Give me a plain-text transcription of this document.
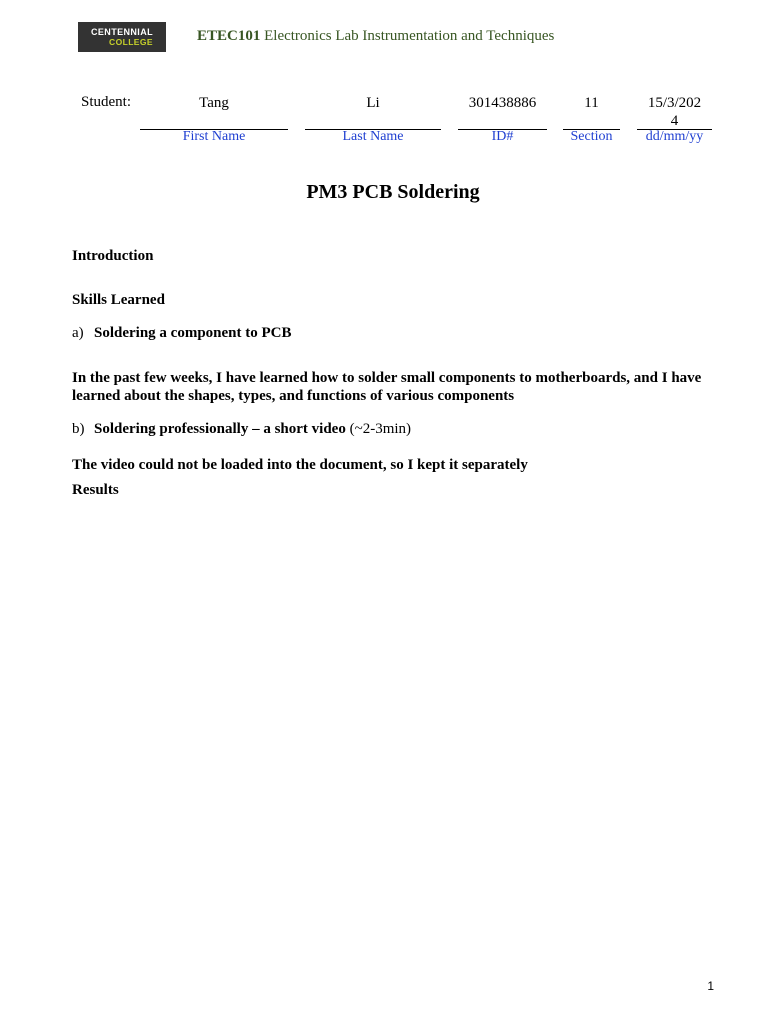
CENTENNIAL
COLLEGE	ETEC101 Electronics Lab Instrumentation and Techniques
Student:	Tang
First Name
Li
Last Name
301438886
ID#
11
Section
15/3/202
4
dd/mm/yy
PM3 PCB Soldering
Introduction
Skills Learned
a) Soldering a component to PCB
In the past few weeks, I have learned how to solder small components to motherboards, and I have learned about the shapes, types, and functions of various components
b) Soldering professionally – a short video (~2-3min)
The video could not be loaded into the document, so I kept it separately
Results
1
